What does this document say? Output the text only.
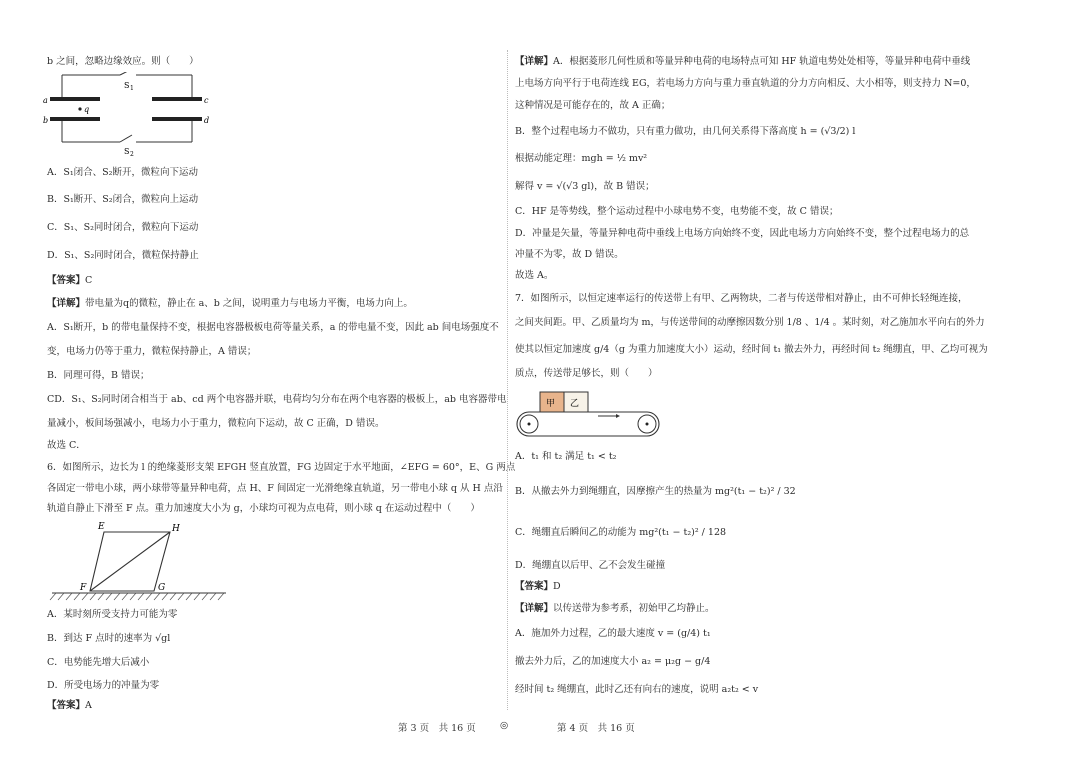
b 之间，忽略边缘效应。则（　　）
S 1
a
b
c
d
q
S 2
A．S₁闭合、S₂断开，微粒向下运动
B．S₁断开、S₂闭合，微粒向上运动
C．S₁、S₂同时闭合，微粒向下运动
D．S₁、S₂同时闭合，微粒保持静止
【答案】C
【详解】带电量为q的微粒，静止在 a、b 之间，说明重力与电场力平衡，电场力向上。
A．S₁断开，b 的带电量保持不变，根据电容器极板电荷等量关系，a 的带电量不变，因此 ab 间电场强度不
变，电场力仍等于重力，微粒保持静止，A 错误；
B．同理可得，B 错误；
CD．S₁、S₂同时闭合相当于 ab、cd 两个电容器并联，电荷均匀分布在两个电容器的极板上，ab 电容器带电
量减小，板间场强减小，电场力小于重力，微粒向下运动，故 C 正确，D 错误。
故选 C．
6．如图所示，边长为 l 的绝缘菱形支架 EFGH 竖直放置，FG 边固定于水平地面，∠EFG = 60°，E、G 两点
各固定一带电小球，两小球带等量异种电荷，点 H、F 间固定一光滑绝缘直轨道，另一带电小球 q 从 H 点沿
轨道自静止下滑至 F 点。重力加速度大小为 g，小球均可视为点电荷，则小球 q 在运动过程中（　　）
E	H
F	G
A．某时刻所受支持力可能为零
B．到达 F 点时的速率为 √gl
C．电势能先增大后减小
D．所受电场力的冲量为零
【答案】A
【详解】A．根据菱形几何性质和等量异种电荷的电场特点可知 HF 轨道电势处处相等，等量异种电荷中垂线
上电场方向平行于电荷连线 EG，若电场力方向与重力垂直轨道的分力方向相反、大小相等，则支持力 N=0，
这种情况是可能存在的，故 A 正确；
B．整个过程电场力不做功，只有重力做功，由几何关系得下落高度 h = (√3/2) l
根据动能定理：mgh = ½ mv²
解得 v = √(√3 gl)，故 B 错误；
C．HF 是等势线，整个运动过程中小球电势不变，电势能不变，故 C 错误；
D．冲量是矢量，等量异种电荷中垂线上电场方向始终不变，因此电场力方向始终不变，整个过程电场力的总
冲量不为零，故 D 错误。
故选 A。
7．如图所示，以恒定速率运行的传送带上有甲、乙两物块，二者与传送带相对静止，由不可伸长轻绳连接，
之间夹间距。甲、乙质量均为 m，与传送带间的动摩擦因数分别 1/8 、1/4 。某时刻，对乙施加水平向右的外力
使其以恒定加速度 g/4（g 为重力加速度大小）运动，经时间 t₁ 撤去外力，再经时间 t₂ 绳绷直，甲、乙均可视为
质点，传送带足够长，则（　　）
甲 乙
A．t₁ 和 t₂ 满足 t₁ < t₂
B．从撤去外力到绳绷直，因摩擦产生的热量为 mg²(t₁ − t₂)² / 32
C．绳绷直后瞬间乙的动能为 mg²(t₁ − t₂)² / 128
D．绳绷直以后甲、乙不会发生碰撞
【答案】D
【详解】以传送带为参考系，初始甲乙均静止。
A．施加外力过程，乙的最大速度 v = (g/4) t₁
撤去外力后，乙的加速度大小 a₂ = μ₂g − g/4
经时间 t₂ 绳绷直，此时乙还有向右的速度，说明 a₂t₂ < v
第 3 页　共 16 页	◎	第 4 页　共 16 页
